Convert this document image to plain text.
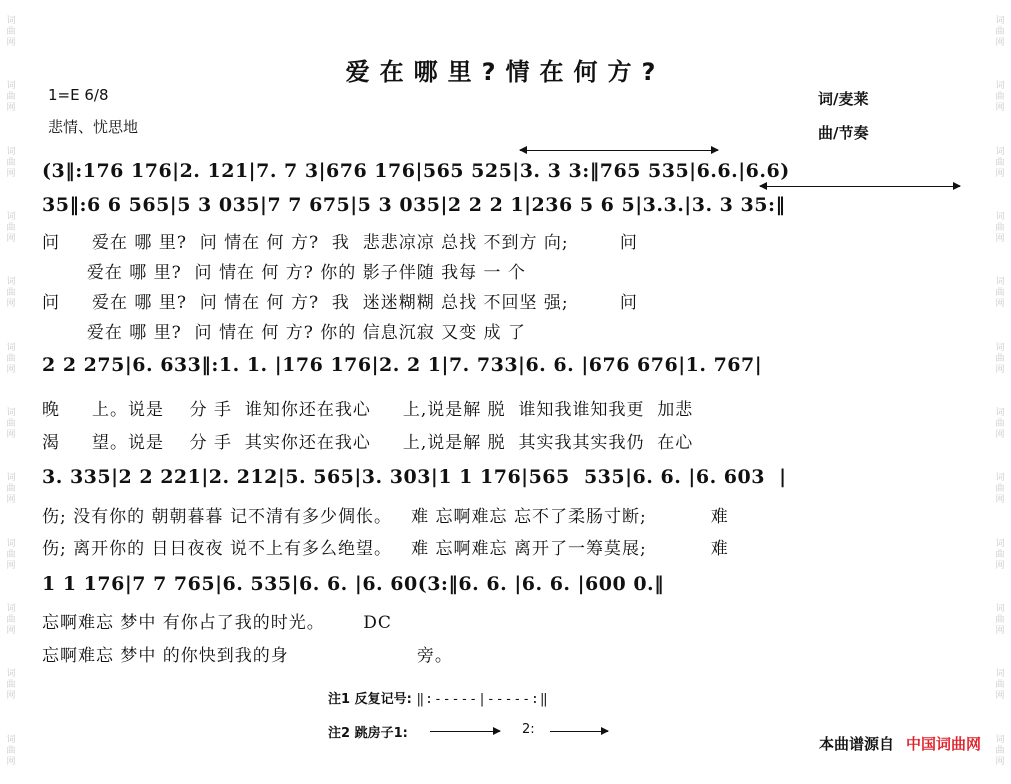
词
曲
网
词
曲
网
词
曲
网
词
曲
网
词
曲
网
词
曲
网
词
曲
网
词
曲
网
词
曲
网
词
曲
网
词
曲
网
词
曲
网
词
曲
网
词
曲
网
词
曲
网
词
曲
网
词
曲
网
词
曲
网
词
曲
网
词
曲
网
词
曲
网
词
曲
网
词
曲
网
词
曲
网
爱在哪里?情在何方?
1=E 6/8
悲情、忧思地
词/麦莱
曲/节奏
(3‖:176 176|2. 121|7. 7 3|676 176|565 525|3. 3 3:‖765 535|6.6.|6.6)
35‖:6 6 565|5 3 035|7 7 675|5 3 035|2 2 2 1|236 5 6 5|3.3.|3. 3 35:‖
问     爱在 哪 里?  问 情在 何 方?  我  悲悲凉凉 总找 不到方 向;        问
爱在 哪 里?  问 情在 何 方? 你的 影子伴随 我每 一 个
问     爱在 哪 里?  问 情在 何 方?  我  迷迷糊糊 总找 不回坚 强;        问
爱在 哪 里?  问 情在 何 方? 你的 信息沉寂 又变 成 了
2 2 275|6. 633‖:1. 1. |176 176|2. 2 1|7. 733|6. 6. |676 676|1. 767|
晚     上。说是    分 手  谁知你还在我心     上,说是解 脱  谁知我谁知我更  加悲
渴     望。说是    分 手  其实你还在我心     上,说是解 脱  其实我其实我仍  在心
3. 335|2 2 221|2. 212|5. 565|3. 303|1 1 176|565  535|6. 6. |6. 603  |
伤; 没有你的 朝朝暮暮 记不清有多少倜伥。   难 忘啊难忘 忘不了柔肠寸断;          难
伤; 离开你的 日日夜夜 说不上有多么绝望。   难 忘啊难忘 离开了一筹莫展;          难
1 1 176|7 7 765|6. 535|6. 6. |6. 60(3:‖6. 6. |6. 6. |600 0.‖
忘啊难忘 梦中 有你占了我的时光。      DC
忘啊难忘 梦中 的你快到我的身                    旁。
注1 反复记号: ‖:-----|-----:‖
注2 跳房子1:	2:
本曲谱源自 中国词曲网
